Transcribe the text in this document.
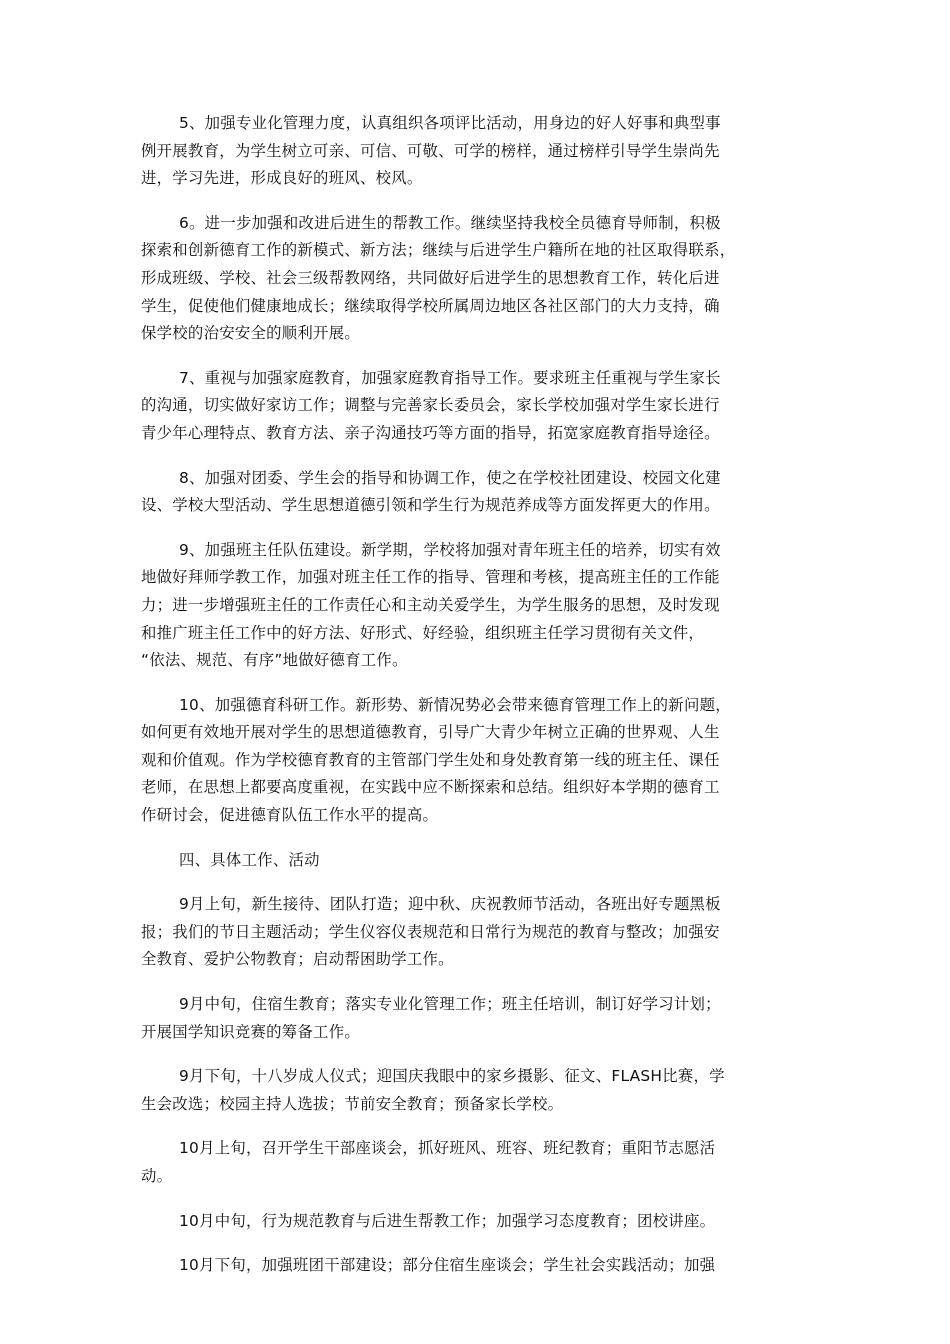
5、加强专业化管理力度，认真组织各项评比活动，用身边的好人好事和典型事
例开展教育，为学生树立可亲、可信、可敬、可学的榜样，通过榜样引导学生崇尚先
进，学习先进，形成良好的班风、校风。
6。进一步加强和改进后进生的帮教工作。继续坚持我校全员德育导师制，积极
探索和创新德育工作的新模式、新方法；继续与后进学生户籍所在地的社区取得联系，
形成班级、学校、社会三级帮教网络，共同做好后进学生的思想教育工作，转化后进
学生，促使他们健康地成长；继续取得学校所属周边地区各社区部门的大力支持，确
保学校的治安安全的顺利开展。
7、重视与加强家庭教育，加强家庭教育指导工作。要求班主任重视与学生家长
的沟通，切实做好家访工作；调整与完善家长委员会，家长学校加强对学生家长进行
青少年心理特点、教育方法、亲子沟通技巧等方面的指导，拓宽家庭教育指导途径。
8、加强对团委、学生会的指导和协调工作，使之在学校社团建设、校园文化建
设、学校大型活动、学生思想道德引领和学生行为规范养成等方面发挥更大的作用。
9、加强班主任队伍建设。新学期，学校将加强对青年班主任的培养，切实有效
地做好拜师学教工作，加强对班主任工作的指导、管理和考核，提高班主任的工作能
力；进一步增强班主任的工作责任心和主动关爱学生，为学生服务的思想，及时发现
和推广班主任工作中的好方法、好形式、好经验，组织班主任学习贯彻有关文件，
“依法、规范、有序”地做好德育工作。
10、加强德育科研工作。新形势、新情况势必会带来德育管理工作上的新问题，
如何更有效地开展对学生的思想道德教育，引导广大青少年树立正确的世界观、人生
观和价值观。作为学校德育教育的主管部门学生处和身处教育第一线的班主任、课任
老师，在思想上都要高度重视，在实践中应不断探索和总结。组织好本学期的德育工
作研讨会，促进德育队伍工作水平的提高。
四、具体工作、活动
9月上旬，新生接待、团队打造；迎中秋、庆祝教师节活动，各班出好专题黑板
报；我们的节日主题活动；学生仪容仪表规范和日常行为规范的教育与整改；加强安
全教育、爱护公物教育；启动帮困助学工作。
9月中旬，住宿生教育；落实专业化管理工作；班主任培训，制订好学习计划；
开展国学知识竞赛的筹备工作。
9月下旬，十八岁成人仪式；迎国庆我眼中的家乡摄影、征文、FLASH比赛，学
生会改选；校园主持人选拔；节前安全教育；预备家长学校。
10月上旬，召开学生干部座谈会，抓好班风、班容、班纪教育；重阳节志愿活
动。
10月中旬，行为规范教育与后进生帮教工作；加强学习态度教育；团校讲座。
10月下旬，加强班团干部建设；部分住宿生座谈会；学生社会实践活动；加强
